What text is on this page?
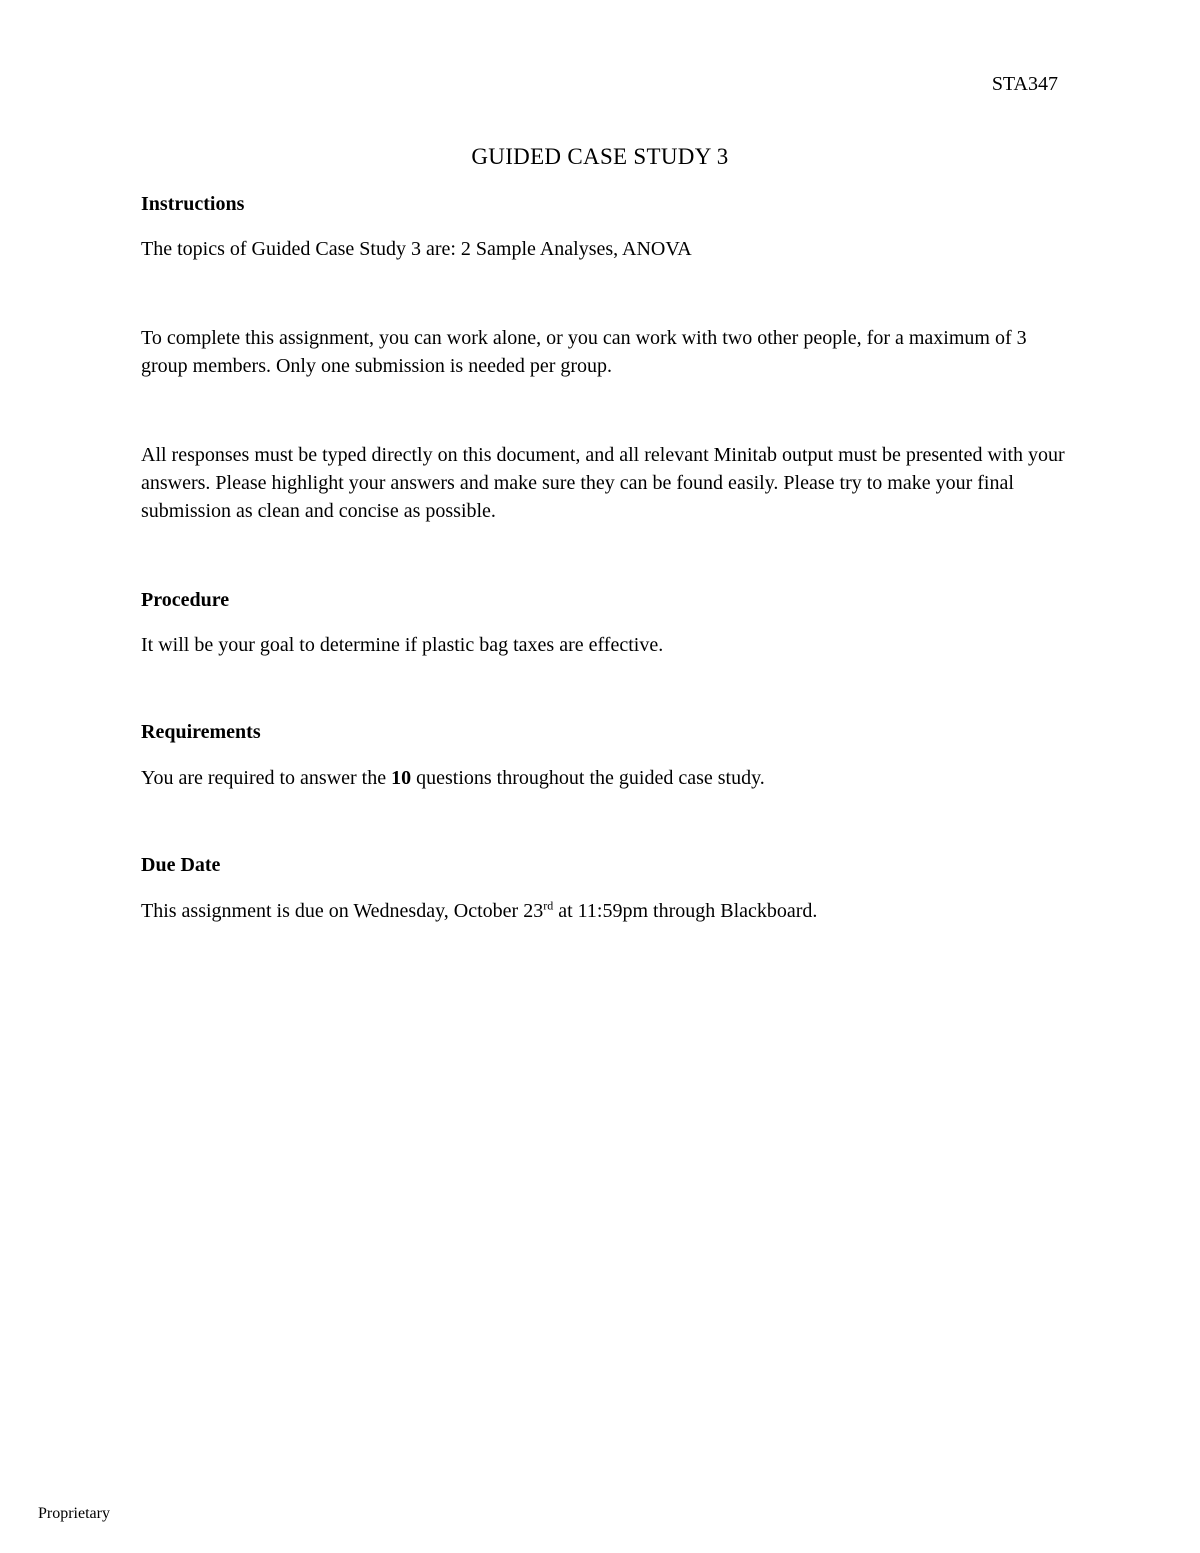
STA347

GUIDED CASE STUDY 3
Instructions

The topics of Guided Case Study 3 are: 2 Sample Analyses, ANOVA

To complete this assignment, you can work alone, or you can work with two other people, for a maximum of 3 group members. Only one submission is needed per group.

All responses must be typed directly on this document, and all relevant Minitab output must be presented with your answers. Please highlight your answers and make sure they can be found easily. Please try to make your final submission as clean and concise as possible.

Procedure

It will be your goal to determine if plastic bag taxes are effective.

Requirements

You are required to answer the 10 questions throughout the guided case study.

Due Date

This assignment is due on Wednesday, October 23rd at 11:59pm through Blackboard.

Proprietary
